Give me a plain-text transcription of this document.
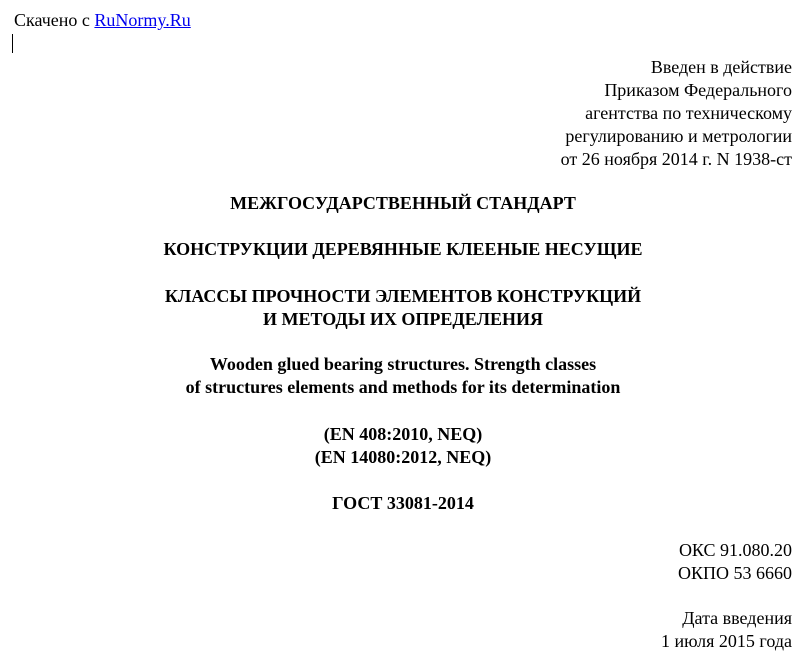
Скачено с RuNormy.Ru
Введен в действие
Приказом Федерального
агентства по техническому
регулированию и метрологии
от 26 ноября 2014 г. N 1938-ст
МЕЖГОСУДАРСТВЕННЫЙ СТАНДАРТ
КОНСТРУКЦИИ ДЕРЕВЯННЫЕ КЛЕЕНЫЕ НЕСУЩИЕ
КЛАССЫ ПРОЧНОСТИ ЭЛЕМЕНТОВ КОНСТРУКЦИЙ
И МЕТОДЫ ИХ ОПРЕДЕЛЕНИЯ
Wooden glued bearing structures. Strength classes
of structures elements and methods for its determination
(EN 408:2010, NEQ)
(EN 14080:2012, NEQ)
ГОСТ 33081-2014
ОКС 91.080.20
ОКПО 53 6660
Дата введения
1 июля 2015 года
